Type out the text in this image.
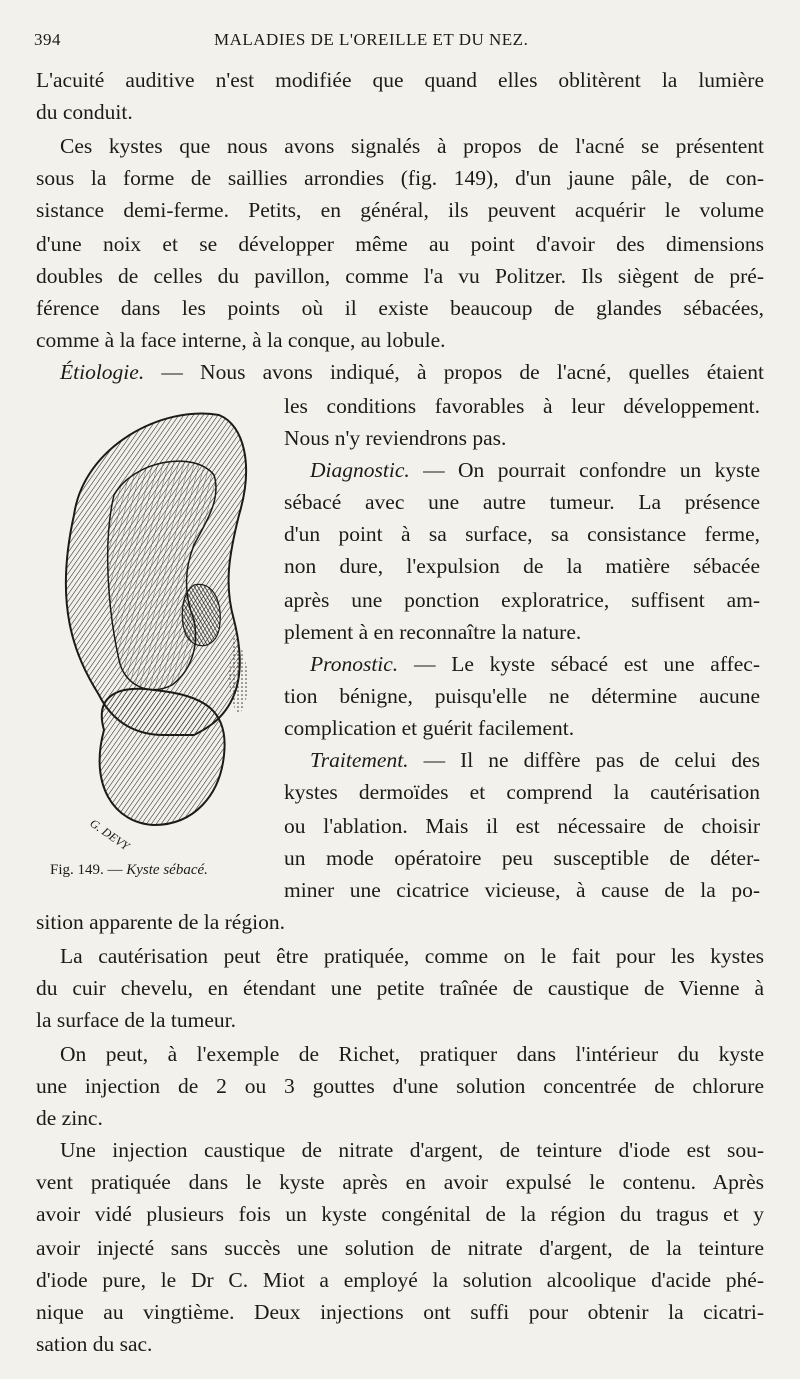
394	MALADIES DE L'OREILLE ET DU NEZ.
L'acuité auditive n'est modifiée que quand elles oblitèrent la lumière
du conduit.
Ces kystes que nous avons signalés à propos de l'acné se présentent
sous la forme de saillies arrondies (fig. 149), d'un jaune pâle, de con-
sistance demi-ferme. Petits, en général, ils peuvent acquérir le volume
d'une noix et se développer même au point d'avoir des dimensions
doubles de celles du pavillon, comme l'a vu Politzer. Ils siègent de pré-
férence dans les points où il existe beaucoup de glandes sébacées,
comme à la face interne, à la conque, au lobule.
Étiologie. — Nous avons indiqué, à propos de l'acné, quelles étaient
les conditions favorables à leur développement.
Nous n'y reviendrons pas.
Diagnostic. — On pourrait confondre un kyste
sébacé avec une autre tumeur. La présence
d'un point à sa surface, sa consistance ferme,
non dure, l'expulsion de la matière sébacée
après une ponction exploratrice, suffisent am-
plement à en reconnaître la nature.
Pronostic. — Le kyste sébacé est une affec-
tion bénigne, puisqu'elle ne détermine aucune
complication et guérit facilement.
Traitement. — Il ne diffère pas de celui des
kystes dermoïdes et comprend la cautérisation
ou l'ablation. Mais il est nécessaire de choisir
un mode opératoire peu susceptible de déter-
miner une cicatrice vicieuse, à cause de la po-
sition apparente de la région.
La cautérisation peut être pratiquée, comme on le fait pour les kystes
du cuir chevelu, en étendant une petite traînée de caustique de Vienne à
la surface de la tumeur.
On peut, à l'exemple de Richet, pratiquer dans l'intérieur du kyste
une injection de 2 ou 3 gouttes d'une solution concentrée de chlorure
de zinc.
Une injection caustique de nitrate d'argent, de teinture d'iode est sou-
vent pratiquée dans le kyste après en avoir expulsé le contenu. Après
avoir vidé plusieurs fois un kyste congénital de la région du tragus et y
avoir injecté sans succès une solution de nitrate d'argent, de la teinture
d'iode pure, le Dr C. Miot a employé la solution alcoolique d'acide phé-
nique au vingtième. Deux injections ont suffi pour obtenir la cicatri-
sation du sac.
G. DEVY
Fig. 149. — Kyste sébacé.
